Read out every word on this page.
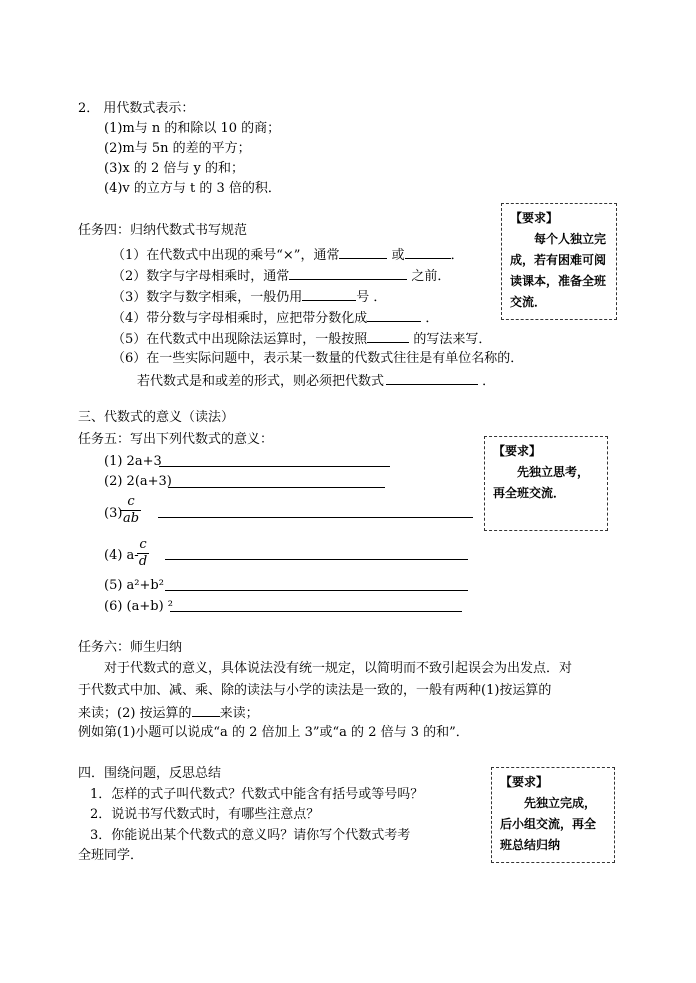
2． 用代数式表示：
(1)m与 n 的和除以 10 的商；
(2)m与 5n 的差的平方；
(3)x 的 2 倍与 y 的和；
(4)v 的立方与 t 的 3 倍的积．
任务四：归纳代数式书写规范
（1）在代数式中出现的乘号“×”，通常	或	．
（2）数字与字母相乘时，通常	之前．
（3）数字与数字相乘，一般仍用	号 ．
（4）带分数与字母相乘时，应把带分数化成	．
（5）在代数式中出现除法运算时，一般按照	的写法来写．
（6）在一些实际问题中，表示某一数量的代数式往往是有单位名称的．
若代数式是和或差的形式，则必须把代数式	．
【要求】
每个人独立完成，若有困难可阅读课本，准备全班交流．
三、代数式的意义（读法）
任务五：写出下列代数式的意义：
(1) 2a+3
(2) 2(a+3)
(3)
c
ab
(4) a-
c
d
(5) a²+b²
(6) (a+b) ²
【要求】
先独立思考，再全班交流．
任务六：师生归纳
对于代数式的意义，具体说法没有统一规定，以简明而不致引起误会为出发点．对
于代数式中加、减、乘、除的读法与小学的读法是一致的，一般有两种(1)按运算的
来读；(2) 按运算的 来读；
例如第(1)小题可以说成“a 的 2 倍加上 3”或“a 的 2 倍与 3 的和”．
四．围绕问题，反思总结
1．怎样的式子叫代数式？代数式中能含有括号或等号吗？
2．说说书写代数式时，有哪些注意点？
3．你能说出某个代数式的意义吗？请你写个代数式考考
全班同学．
【要求】
先独立完成，后小组交流，再全班总结归纳
